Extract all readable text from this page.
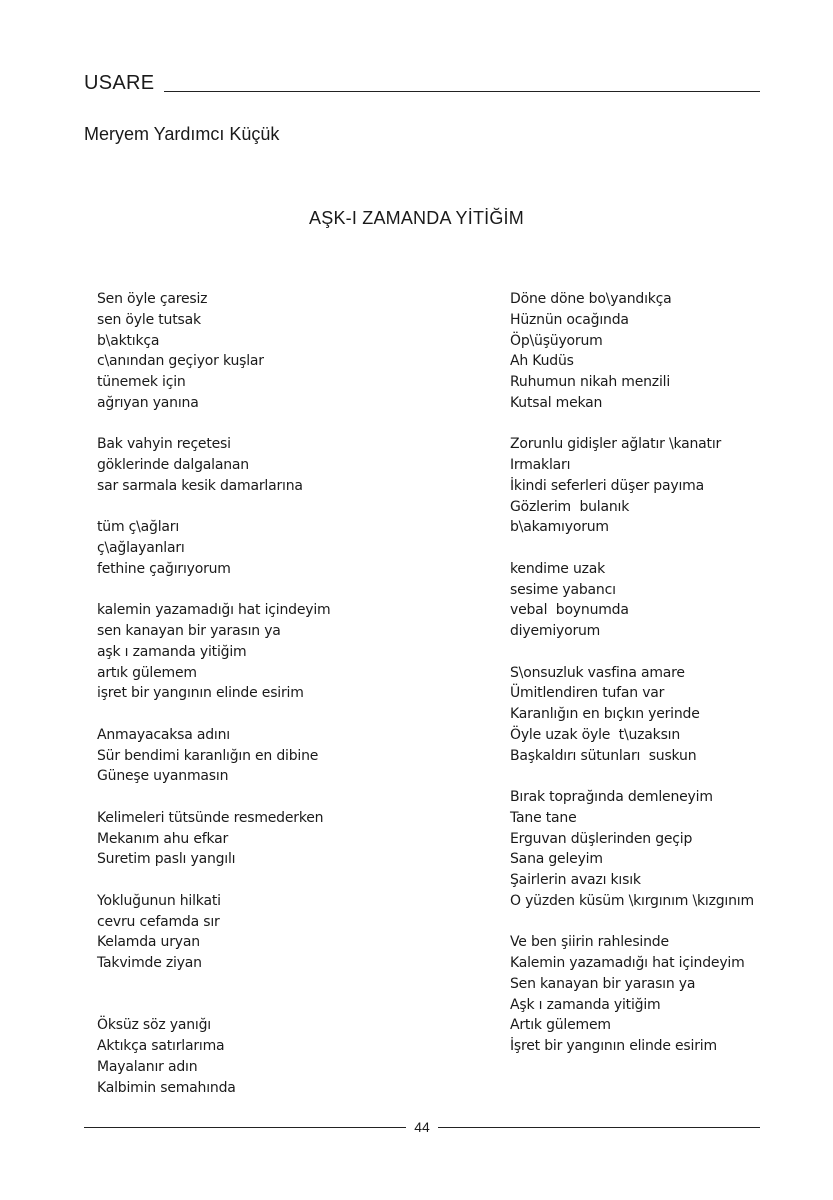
USARE
Meryem Yardımcı Küçük
AŞK-I ZAMANDA YİTİĞİM
Sen öyle çaresiz
sen öyle tutsak
b\aktıkça
c\anından geçiyor kuşlar
tünemek için
ağrıyan yanına
Bak vahyin reçetesi
göklerinde dalgalanan
sar sarmala kesik damarlarına
tüm ç\ağları
ç\ağlayanları
fethine çağırıyorum
kalemin yazamadığı hat içindeyim
sen kanayan bir yarasın ya
aşk ı zamanda yitiğim
artık gülemem
işret bir yangının elinde esirim
Anmayacaksa adını
Sür bendimi karanlığın en dibine
Güneşe uyanmasın
Kelimeleri tütsünde resmederken
Mekanım ahu efkar
Suretim paslı yangılı
Yokluğunun hilkati
cevru cefamda sır
Kelamda uryan
Takvimde ziyan
Öksüz söz yanığı
Aktıkça satırlarıma
Mayalanır adın
Kalbimin semahında
Döne döne bo\yandıkça
Hüznün ocağında
Öp\üşüyorum
Ah Kudüs
Ruhumun nikah menzili
Kutsal mekan
Zorunlu gidişler ağlatır \kanatır
Irmakları
İkindi seferleri düşer payıma
Gözlerim  bulanık
b\akamıyorum
kendime uzak
sesime yabancı
vebal  boynumda
diyemiyorum
S\onsuzluk vasfina amare
Ümitlendiren tufan var
Karanlığın en bıçkın yerinde
Öyle uzak öyle  t\uzaksın
Başkaldırı sütunları  suskun
Bırak toprağında demleneyim
Tane tane
Erguvan düşlerinden geçip
Sana geleyim
Şairlerin avazı kısık
O yüzden küsüm \kırgınım \kızgınım
Ve ben şiirin rahlesinde
Kalemin yazamadığı hat içindeyim
Sen kanayan bir yarasın ya
Aşk ı zamanda yitiğim
Artık gülemem
İşret bir yangının elinde esirim
44
